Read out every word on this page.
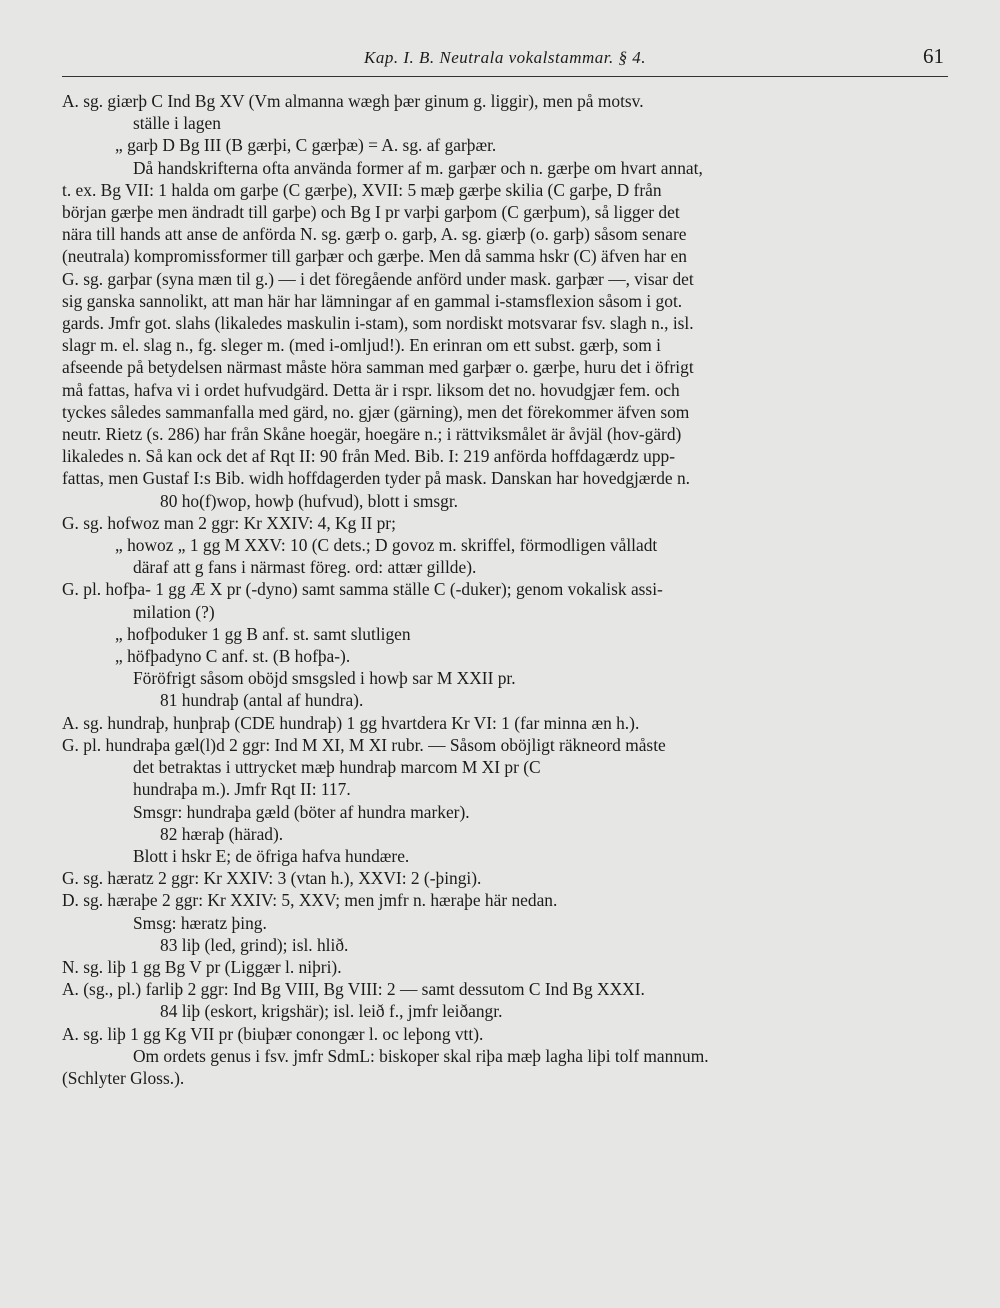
Kap. I. B. Neutrala vokalstammar. § 4.	61

A. sg. giærþ C Ind Bg XV (Vm almanna wægh þær ginum g. liggir), men på motsv.

ställe i lagen

„ garþ D Bg III (B gærþi, C gærþæ) = A. sg. af garþær.

Då handskrifterna ofta använda former af m. garþær och n. gærþe om hvart annat,

t. ex. Bg VII: 1 halda om garþe (C gærþe), XVII: 5 mæþ gærþe skilia (C garþe, D från

början gærþe men ändradt till garþe) och Bg I pr varþi garþom (C gærþum), så ligger det

nära till hands att anse de anförda N. sg. gærþ o. garþ, A. sg. giærþ (o. garþ) såsom senare

(neutrala) kompromissformer till garþær och gærþe. Men då samma hskr (C) äfven har en

G. sg. garþar (syna mæn til g.) — i det föregående anförd under mask. garþær —, visar det

sig ganska sannolikt, att man här har lämningar af en gammal i-stamsflexion såsom i got.

gards. Jmfr got. slahs (likaledes maskulin i-stam), som nordiskt motsvarar fsv. slagh n., isl.

slagr m. el. slag n., fg. sleger m. (med i-omljud!). En erinran om ett subst. gærþ, som i

afseende på betydelsen närmast måste höra samman med garþær o. gærþe, huru det i öfrigt

må fattas, hafva vi i ordet hufvudgärd. Detta är i rspr. liksom det no. hovudgjær fem. och

tyckes således sammanfalla med gärd, no. gjær (gärning), men det förekommer äfven som

neutr. Rietz (s. 286) har från Skåne hoegär, hoegäre n.; i rättviksmålet är åvjäl (hov-gärd)

likaledes n. Så kan ock det af Rqt II: 90 från Med. Bib. I: 219 anförda hoffdagærdz upp-

fattas, men Gustaf I:s Bib. widh hoffdagerden tyder på mask. Danskan har hovedgjærde n.

80 ho(f)wop, howþ (hufvud), blott i smsgr.

G. sg. hofwoz man 2 ggr: Kr XXIV: 4, Kg II pr;

„ howoz „ 1 gg M XXV: 10 (C dets.; D govoz m. skriffel, förmodligen vålladt

däraf att g fans i närmast föreg. ord: attær gillde).

G. pl. hofþa- 1 gg Æ X pr (-dyno) samt samma ställe C (-duker); genom vokalisk assi-

milation (?)

„ hofþoduker 1 gg B anf. st. samt slutligen

„ höfþadyno C anf. st. (B hofþa-).

Föröfrigt såsom oböjd smsgsled i howþ sar M XXII pr.

81 hundraþ (antal af hundra).

A. sg. hundraþ, hunþraþ (CDE hundraþ) 1 gg hvartdera Kr VI: 1 (far minna æn h.).

G. pl. hundraþa gæl(l)d 2 ggr: Ind M XI, M XI rubr. — Såsom oböjligt räkneord måste

det betraktas i uttrycket mæþ hundraþ marcom M XI pr (C

hundraþa m.). Jmfr Rqt II: 117.

Smsgr: hundraþa gæld (böter af hundra marker).

82 hæraþ (härad).

Blott i hskr E; de öfriga hafva hundære.

G. sg. hæratz 2 ggr: Kr XXIV: 3 (vtan h.), XXVI: 2 (-þingi).

D. sg. hæraþe 2 ggr: Kr XXIV: 5, XXV; men jmfr n. hæraþe här nedan.

Smsg: hæratz þing.

83 liþ (led, grind); isl. hlið.

N. sg. liþ 1 gg Bg V pr (Liggær l. niþri).

A. (sg., pl.) farliþ 2 ggr: Ind Bg VIII, Bg VIII: 2 — samt dessutom C Ind Bg XXXI.

84 liþ (eskort, krigshär); isl. leið f., jmfr leiðangr.

A. sg. liþ 1 gg Kg VII pr (biuþær conongær l. oc leþong vtt).

Om ordets genus i fsv. jmfr SdmL: biskoper skal riþa mæþ lagha liþi tolf mannum.

(Schlyter Gloss.).
